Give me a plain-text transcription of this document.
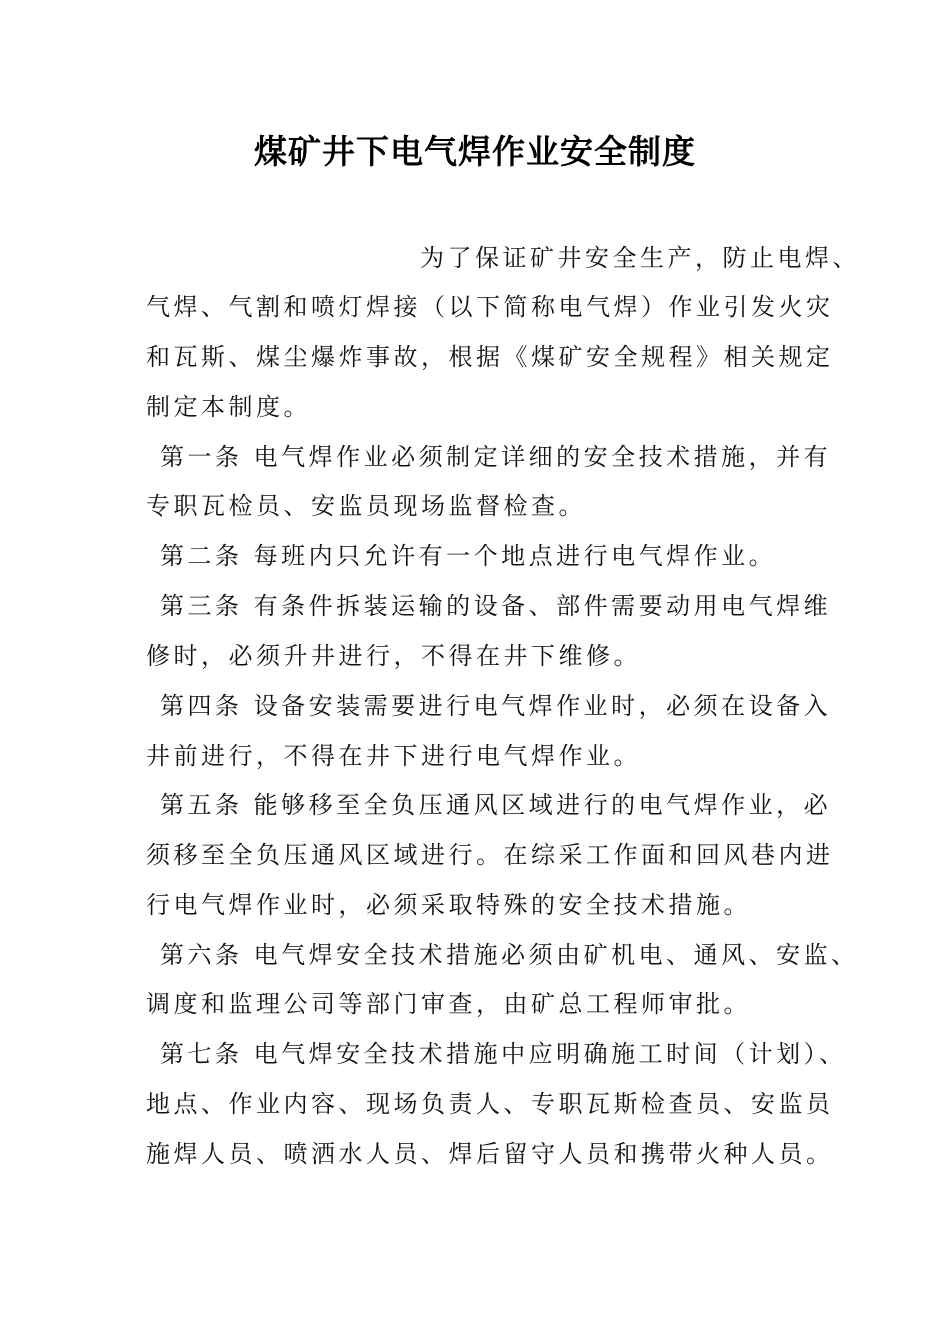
煤矿井下电气焊作业安全制度
为了保证矿井安全生产，防止电焊、
气焊、气割和喷灯焊接（以下简称电气焊）作业引发火灾
和瓦斯、煤尘爆炸事故，根据《煤矿安全规程》相关规定
制定本制度。
第一条 电气焊作业必须制定详细的安全技术措施，并有
专职瓦检员、安监员现场监督检查。
第二条 每班内只允许有一个地点进行电气焊作业。
第三条 有条件拆装运输的设备、部件需要动用电气焊维
修时，必须升井进行，不得在井下维修。
第四条 设备安装需要进行电气焊作业时，必须在设备入
井前进行，不得在井下进行电气焊作业。
第五条 能够移至全负压通风区域进行的电气焊作业，必
须移至全负压通风区域进行。在综采工作面和回风巷内进
行电气焊作业时，必须采取特殊的安全技术措施。
第六条 电气焊安全技术措施必须由矿机电、通风、安监、
调度和监理公司等部门审查，由矿总工程师审批。
第七条 电气焊安全技术措施中应明确施工时间（计划）、
地点、作业内容、现场负责人、专职瓦斯检查员、安监员
施焊人员、喷洒水人员、焊后留守人员和携带火种人员。
